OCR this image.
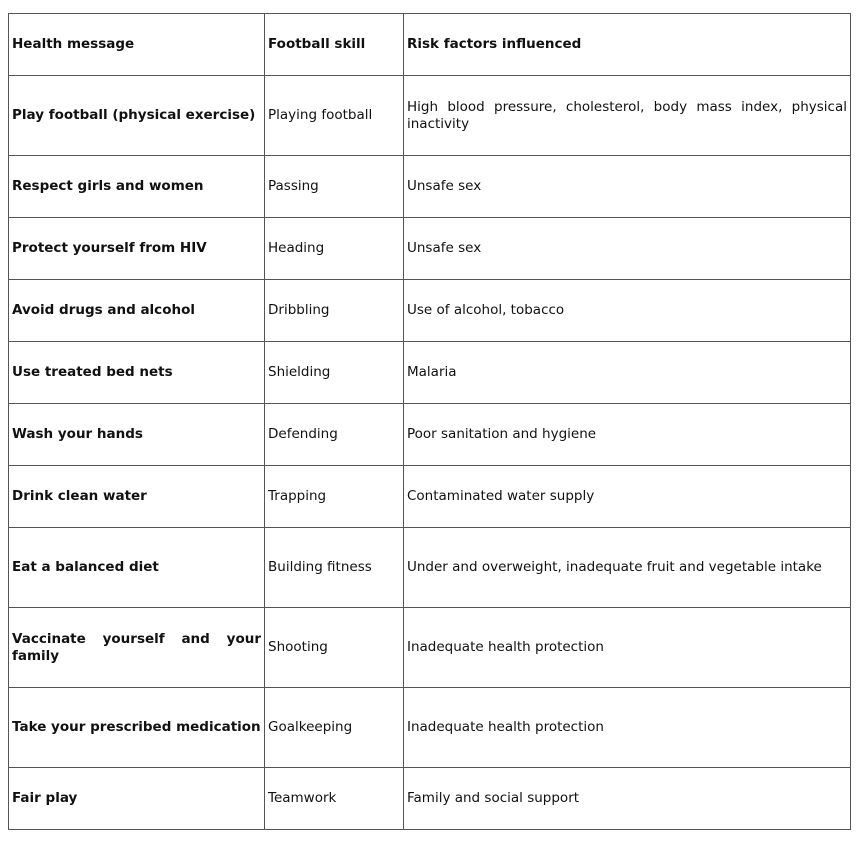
Health message	Football skill	Risk factors influenced
Play football (physical exercise)	Playing football	High blood pressure, cholesterol, body mass index, physical inactivity
Respect girls and women	Passing	Unsafe sex
Protect yourself from HIV	Heading	Unsafe sex
Avoid drugs and alcohol	Dribbling	Use of alcohol, tobacco
Use treated bed nets	Shielding	Malaria
Wash your hands	Defending	Poor sanitation and hygiene
Drink clean water	Trapping	Contaminated water supply
Eat a balanced diet	Building fitness	Under and overweight, inadequate fruit and vegetable intake
Vaccinate yourself and your family	Shooting	Inadequate health protection
Take your prescribed medication	Goalkeeping	Inadequate health protection
Fair play	Teamwork	Family and social support
